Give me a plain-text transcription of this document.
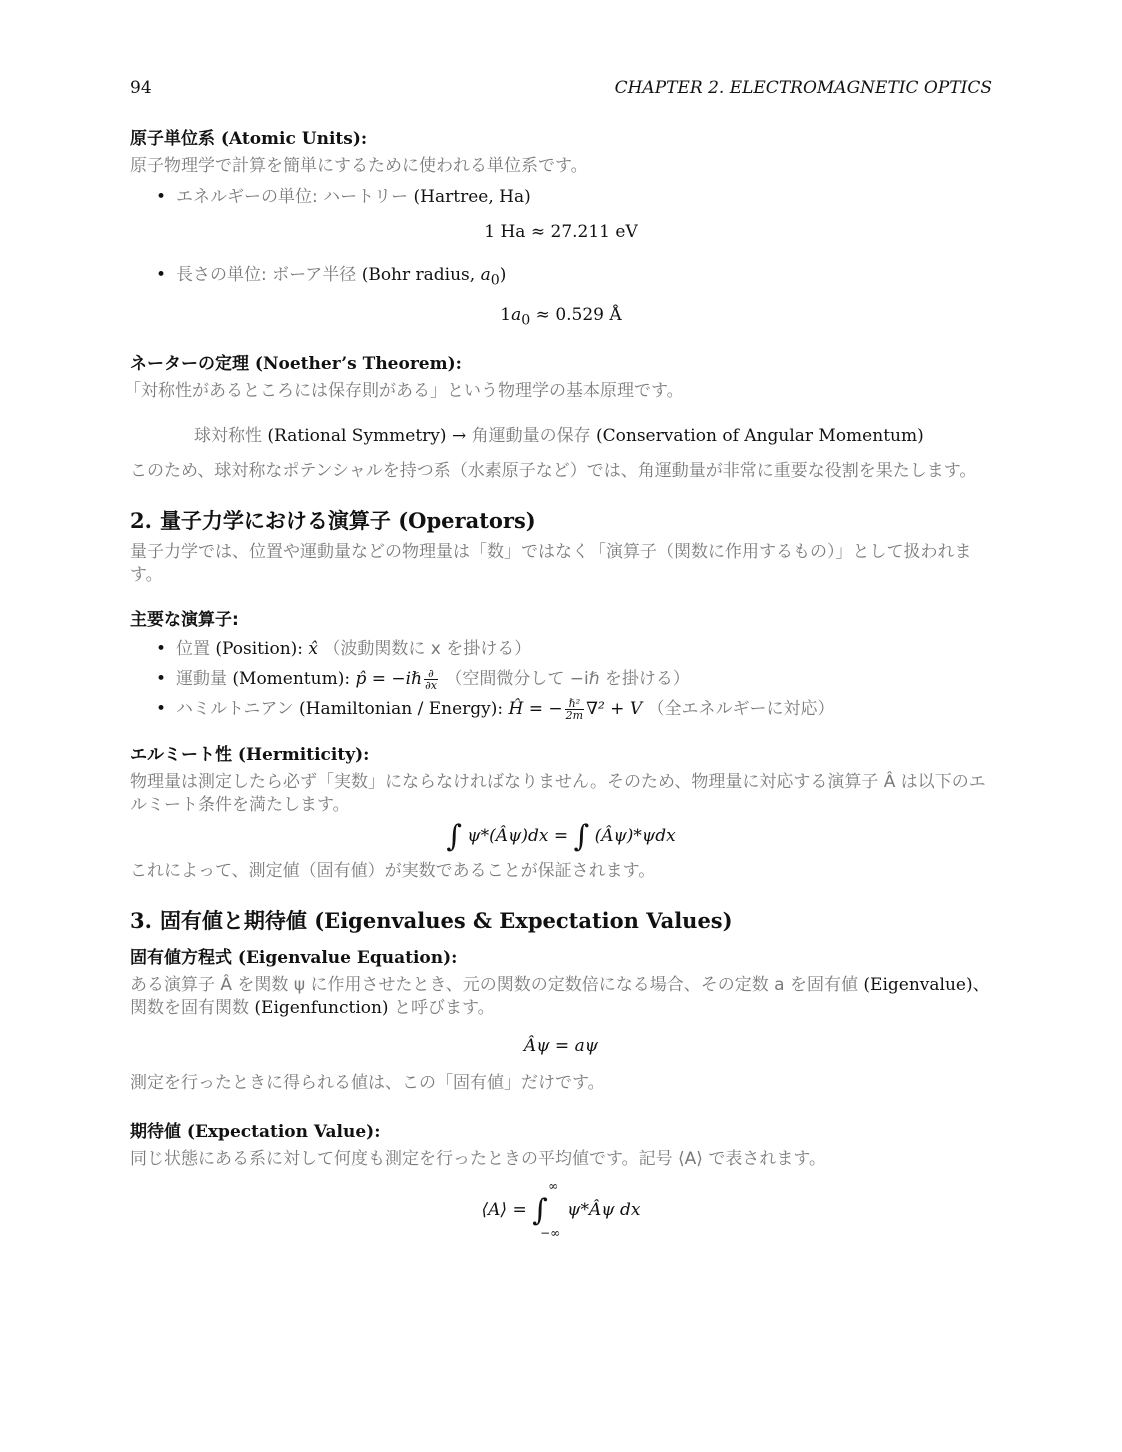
94	CHAPTER 2. ELECTROMAGNETIC OPTICS
原子単位系 (Atomic Units):
原子物理学で計算を簡単にするために使われる単位系です。
• エネルギーの単位: ハートリー (Hartree, Ha)
1 Ha ≈ 27.211 eV
• 長さの単位: ボーア半径 (Bohr radius, $a_0$)
$1a_0 \approx 0.529$ Å
ネーターの定理 (Noether’s Theorem):
「対称性があるところには保存則がある」という物理学の基本原理です。
球対称性 (Rational Symmetry) → 角運動量の保存 (Conservation of Angular Momentum)
このため、球対称なポテンシャルを持つ系（水素原子など）では、角運動量が非常に重要な役割を果たします。
2. 量子力学における演算子 (Operators)
量子力学では、位置や運動量などの物理量は「数」ではなく「演算子（関数に作用するもの）」として扱われます。
主要な演算子:
• 位置 (Position): x̂ （波動関数に x を掛ける）
• 運動量 (Momentum): p̂ = −iℏ $\frac{\partial}{\partial x}$ （空間微分して −iℏ を掛ける）
• ハミルトニアン (Hamiltonian / Energy): Ĥ = − $\frac{\text{ℏ²}}{2m} \nabla^2 + V$ （全エネルギーに対応）
エルミート性 (Hermiticity):
物理量は測定したら必ず「実数」にならなければなりません。そのため、物理量に対応する演算子 Â は以下のエルミート条件を満たします。
∫ ψ*(Âψ)dx = ∫ (Âψ)*ψdx
これによって、測定値（固有値）が実数であることが保証されます。
3. 固有値と期待値 (Eigenvalues & Expectation Values)
固有値方程式 (Eigenvalue Equation):
ある演算子 Â を関数 ψ に作用させたとき、元の関数の定数倍になる場合、その定数 a を固有値 (Eigenvalue)、
関数を固有関数 (Eigenfunction) と呼びます。
Âψ = aψ
測定を行ったときに得られる値は、この「固有値」だけです。
期待値 (Expectation Value):
同じ状態にある系に対して何度も測定を行ったときの平均値です。記号 ⟨A⟩ で表されます。
⟨A⟩ = ∫
∞
−∞
ψ*Âψ dx
